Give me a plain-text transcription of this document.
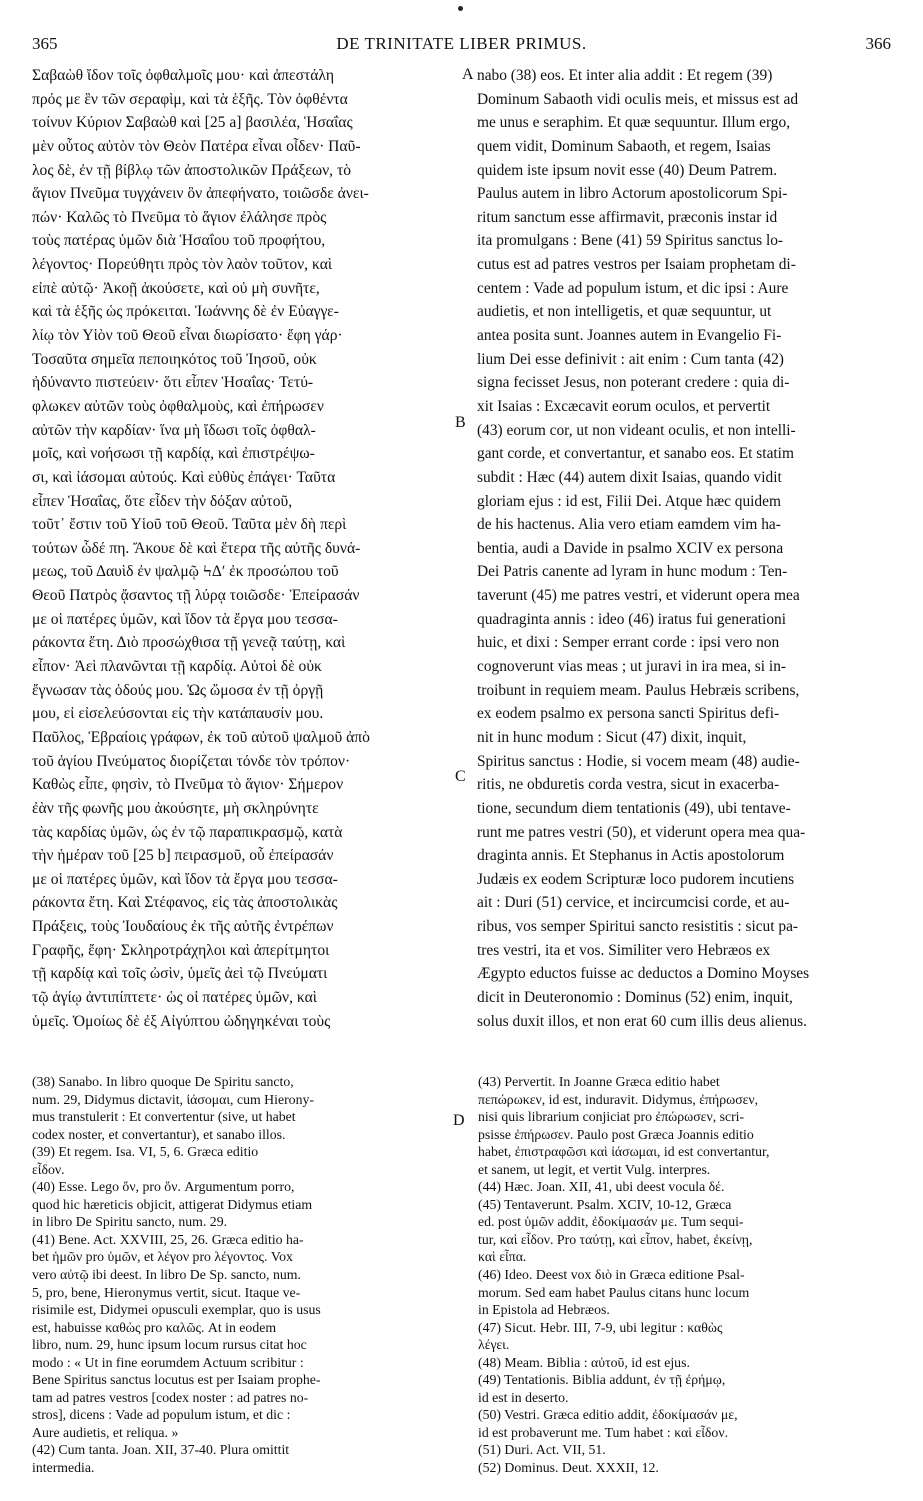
365	DE TRINITATE LIBER PRIMUS.	366
Σαβαὼθ ἴδον τοῖς ὀφθαλμοῖς μου· καὶ ἀπεστάλη
πρός με ἓν τῶν σεραφὶμ, καὶ τὰ ἑξῆς. Τὸν ὀφθέντα
τοίνυν Κύριον Σαβαὼθ καὶ [25 a] βασιλέα, Ἡσαΐας
μὲν οὗτος αὐτὸν τὸν Θεὸν Πατέρα εἶναι οἶδεν· Παῦ-
λος δὲ, ἐν τῇ βίβλῳ τῶν ἀποστολικῶν Πράξεων, τὸ
ἅγιον Πνεῦμα τυγχάνειν ὃν ἀπεφήνατο, τοιῶσδε ἀνει-
πών· Καλῶς τὸ Πνεῦμα τὸ ἅγιον ἐλάλησε πρὸς
τοὺς πατέρας ὑμῶν διὰ Ἡσαΐου τοῦ προφήτου,
λέγοντος· Πορεύθητι πρὸς τὸν λαὸν τοῦτον, καὶ
εἰπὲ αὐτῷ· Ἀκοῇ ἀκούσετε, καὶ οὐ μὴ συνῆτε,
καὶ τὰ ἑξῆς ὡς πρόκειται. Ἰωάννης δὲ ἐν Εὐαγγε-
λίῳ τὸν Υἱὸν τοῦ Θεοῦ εἶναι διωρίσατο· ἔφη γάρ·
Τοσαῦτα σημεῖα πεποιηκότος τοῦ Ἰησοῦ, οὐκ
ἠδύναντο πιστεύειν· ὅτι εἶπεν Ἡσαΐας· Τετύ-
φλωκεν αὐτῶν τοὺς ὀφθαλμοὺς, καὶ ἐπήρωσεν
αὐτῶν τὴν καρδίαν· ἵνα μὴ ἴδωσι τοῖς ὀφθαλ-
μοῖς, καὶ νοήσωσι τῇ καρδίᾳ, καὶ ἐπιστρέψω-
σι, καὶ ἰάσομαι αὐτούς. Καὶ εὐθὺς ἐπάγει· Ταῦτα
εἶπεν Ἡσαΐας, ὅτε εἶδεν τὴν δόξαν αὐτοῦ,
τοῦτ᾽ ἔστιν τοῦ Υἱοῦ τοῦ Θεοῦ. Ταῦτα μὲν δὴ περὶ
τούτων ὧδέ πη. Ἄκουε δὲ καὶ ἕτερα τῆς αὐτῆς δυνά-
μεως, τοῦ Δαυὶδ ἐν ψαλμῷ ϞΔʹ ἐκ προσώπου τοῦ
Θεοῦ Πατρὸς ᾄσαντος τῇ λύρᾳ τοιῶσδε· Ἐπείρασάν
με οἱ πατέρες ὑμῶν, καὶ ἴδον τὰ ἔργα μου τεσσα-
ράκοντα ἔτη. Διὸ προσώχθισα τῇ γενεᾷ ταύτῃ, καὶ
εἶπον· Ἀεὶ πλανῶνται τῇ καρδίᾳ. Αὐτοὶ δὲ οὐκ
ἔγνωσαν τὰς ὁδούς μου. Ὡς ὤμοσα ἐν τῇ ὀργῇ
μου, εἰ εἰσελεύσονται εἰς τὴν κατάπαυσίν μου.
Παῦλος, Ἑβραίοις γράφων, ἐκ τοῦ αὐτοῦ ψαλμοῦ ἀπὸ
τοῦ ἁγίου Πνεύματος διορίζεται τόνδε τὸν τρόπον·
Καθὼς εἶπε, φησὶν, τὸ Πνεῦμα τὸ ἅγιον· Σήμερον
ἐὰν τῆς φωνῆς μου ἀκούσητε, μὴ σκληρύνητε
τὰς καρδίας ὑμῶν, ὡς ἐν τῷ παραπικρασμῷ, κατὰ
τὴν ἡμέραν τοῦ [25 b] πειρασμοῦ, οὗ ἐπείρασάν
με οἱ πατέρες ὑμῶν, καὶ ἴδον τὰ ἔργα μου τεσσα-
ράκοντα ἔτη. Καὶ Στέφανος, εἰς τὰς ἀποστολικὰς
Πράξεις, τοὺς Ἰουδαίους ἐκ τῆς αὐτῆς ἐντρέπων
Γραφῆς, ἔφη· Σκληροτράχηλοι καὶ ἀπερίτμητοι
τῇ καρδίᾳ καὶ τοῖς ὠσὶν, ὑμεῖς ἀεὶ τῷ Πνεύματι
τῷ ἁγίῳ ἀντιπίπτετε· ὡς οἱ πατέρες ὑμῶν, καὶ
ὑμεῖς. Ὁμοίως δὲ ἐξ Αἰγύπτου ὠδηγηκέναι τοὺς
nabo (38) eos. Et inter alia addit : Et regem (39)
Dominum Sabaoth vidi oculis meis, et missus est ad
me unus e seraphim. Et quæ sequuntur. Illum ergo,
quem vidit, Dominum Sabaoth, et regem, Isaias
quidem iste ipsum novit esse (40) Deum Patrem.
Paulus autem in libro Actorum apostolicorum Spi-
ritum sanctum esse affirmavit, præconis instar id
ita promulgans : Bene (41) 59 Spiritus sanctus lo-
cutus est ad patres vestros per Isaiam prophetam di-
centem : Vade ad populum istum, et dic ipsi : Aure
audietis, et non intelligetis, et quæ sequuntur, ut
antea posita sunt. Joannes autem in Evangelio Fi-
lium Dei esse definivit : ait enim : Cum tanta (42)
signa fecisset Jesus, non poterant credere : quia di-
xit Isaias : Excæcavit eorum oculos, et pervertit
(43) eorum cor, ut non videant oculis, et non intelli-
gant corde, et convertantur, et sanabo eos. Et statim
subdit : Hæc (44) autem dixit Isaias, quando vidit
gloriam ejus : id est, Filii Dei. Atque hæc quidem
de his hactenus. Alia vero etiam eamdem vim ha-
bentia, audi a Davide in psalmo XCIV ex persona
Dei Patris canente ad lyram in hunc modum : Ten-
taverunt (45) me patres vestri, et viderunt opera mea
quadraginta annis : ideo (46) iratus fui generationi
huic, et dixi : Semper errant corde : ipsi vero non
cognoverunt vias meas ; ut juravi in ira mea, si in-
troibunt in requiem meam. Paulus Hebræis scribens,
ex eodem psalmo ex persona sancti Spiritus defi-
nit in hunc modum : Sicut (47) dixit, inquit,
Spiritus sanctus : Hodie, si vocem meam (48) audie-
ritis, ne obduretis corda vestra, sicut in exacerba-
tione, secundum diem tentationis (49), ubi tentave-
runt me patres vestri (50), et viderunt opera mea qua-
draginta annis. Et Stephanus in Actis apostolorum
Judæis ex eodem Scripturæ loco pudorem incutiens
ait : Duri (51) cervice, et incircumcisi corde, et au-
ribus, vos semper Spiritui sancto resistitis : sicut pa-
tres vestri, ita et vos. Similiter vero Hebræos ex
Ægypto eductos fuisse ac deductos a Domino Moyses
dicit in Deuteronomio : Dominus (52) enim, inquit,
solus duxit illos, et non erat 60 cum illis deus alienus.
A
B
C
D
(38) Sanabo. In libro quoque De Spiritu sancto,
num. 29, Didymus dictavit, ἰάσομαι, cum Hierony-
mus transtulerit : Et convertentur (sive, ut habet
codex noster, et convertantur), et sanabo illos.
(39) Et regem. Isa. VI, 5, 6. Græca editio
εἶδον.
(40) Esse. Lego ὄν, pro ὅν. Argumentum porro,
quod hic hæreticis objicit, attigerat Didymus etiam
in libro De Spiritu sancto, num. 29.
(41) Bene. Act. XXVIII, 25, 26. Græca editio ha-
bet ἡμῶν pro ὑμῶν, et λέγον pro λέγοντος. Vox
vero αὐτῷ ibi deest. In libro De Sp. sancto, num.
5, pro, bene, Hieronymus vertit, sicut. Itaque ve-
risimile est, Didymei opusculi exemplar, quo is usus
est, habuisse καθὼς pro καλῶς. At in eodem
libro, num. 29, hunc ipsum locum rursus citat hoc
modo : « Ut in fine eorumdem Actuum scribitur :
Bene Spiritus sanctus locutus est per Isaiam prophe-
tam ad patres vestros [codex noster : ad patres no-
stros], dicens : Vade ad populum istum, et dic :
Aure audietis, et reliqua. »
(42) Cum tanta. Joan. XII, 37-40. Plura omittit
intermedia.
(43) Pervertit. In Joanne Græca editio habet
πεπώρωκεν, id est, induravit. Didymus, ἐπήρωσεν,
nisi quis librarium conjiciat pro ἐπώρωσεν, scri-
psisse ἐπήρωσεν. Paulo post Græca Joannis editio
habet, ἐπιστραφῶσι καὶ ἰάσωμαι, id est convertantur,
et sanem, ut legit, et vertit Vulg. interpres.
(44) Hæc. Joan. XII, 41, ubi deest vocula δέ.
(45) Tentaverunt. Psalm. XCIV, 10-12, Græca
ed. post ὑμῶν addit, ἐδοκίμασάν με. Tum sequi-
tur, καὶ εἶδον. Pro ταύτῃ, καὶ εἶπον, habet, ἐκείνῃ,
καὶ εἶπα.
(46) Ideo. Deest vox διὸ in Græca editione Psal-
morum. Sed eam habet Paulus citans hunc locum
in Epistola ad Hebræos.
(47) Sicut. Hebr. III, 7-9, ubi legitur : καθὼς
λέγει.
(48) Meam. Biblia : αὐτοῦ, id est ejus.
(49) Tentationis. Biblia addunt, ἐν τῇ ἐρήμῳ,
id est in deserto.
(50) Vestri. Græca editio addit, ἐδοκίμασάν με,
id est probaverunt me. Tum habet : καὶ εἶδον.
(51) Duri. Act. VII, 51.
(52) Dominus. Deut. XXXII, 12.
